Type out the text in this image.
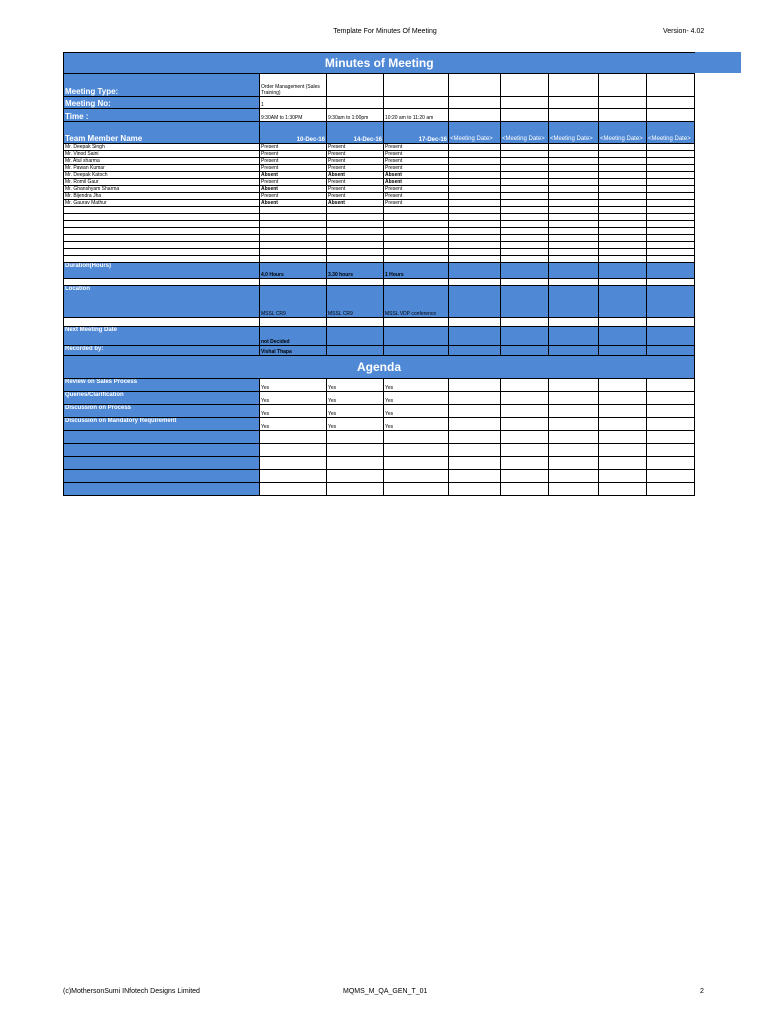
Template For Minutes Of Meeting	Version- 4.02
Minutes of Meeting								
Meeting Type:	Order Management (Sales Training)							
Meeting No:	1							
Time :	9:30AM to 1:30PM	9:30am to 1:00pm	10:20 am to 11:20 am					
Team Member Name	10-Dec-16	14-Dec-16	17-Dec-16	<Meeting Date>	<Meeting Date>	<Meeting Date>	<Meeting Date>	<Meeting Date>
Mr. Deepak Singh	Present	Present	Present					
Mr. Vinod Saini	Present	Present	Present					
Mr. Atul sharma	Present	Present	Present					
Mr. Pawan Kumar	Present	Present	Present					
Mr. Deepak Katoch	Absent	Absent	Absent					
Mr. Romil Gaur	Present	Present	Absent					
Mr. Ghanshyam Sharma	Absent	Present	Present					
Mr. Bijendra Jha	Present	Present	Present					
Mr. Gaurav Mathur	Absent	Absent	Present					

Duration(Hours)	4.0 Hours	3.30 hours	1 Hours					

Location	MSSL CR9	MSSL CR9	MSSL VDP conference					

Next Meeting Date	not Decided							
Recorded by:	Vishal Thapa							
Agenda								
Review on Sales Process	Yes	Yes	Yes					
Queries/Clarification	Yes	Yes	Yes					
Discussion on Process	Yes	Yes	Yes					
Discussion on Mandatory Requirement	Yes	Yes	Yes					

(c)MothersonSumi INfotech Designs Limited	MQMS_M_QA_GEN_T_01	2
